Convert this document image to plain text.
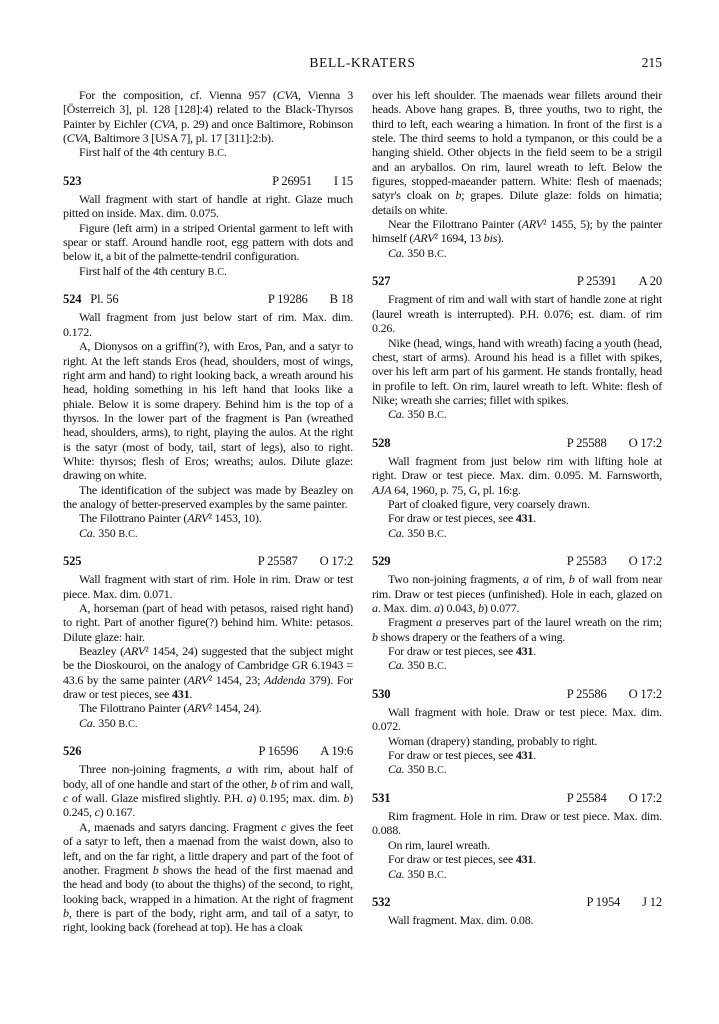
BELL-KRATERS	215

For the composition, cf. Vienna 957 (CVA, Vienna 3 [Österreich 3], pl. 128 [128]:4) related to the Black-Thyrsos Painter by Eichler (CVA, p. 29) and once Baltimore, Robinson (CVA, Baltimore 3 [USA 7], pl. 17 [311]:2:b).

First half of the 4th century B.C.

523	P 26951 I 15

Wall fragment with start of handle at right. Glaze much pitted on inside. Max. dim. 0.075.

Figure (left arm) in a striped Oriental garment to left with spear or staff. Around handle root, egg pattern with dots and below it, a bit of the palmette-tendril configuration.

First half of the 4th century B.C.

524 Pl. 56	P 19286 B 18

Wall fragment from just below start of rim. Max. dim. 0.172.

A, Dionysos on a griffin(?), with Eros, Pan, and a satyr to right. At the left stands Eros (head, shoulders, most of wings, right arm and hand) to right looking back, a wreath around his head, holding something in his left hand that looks like a phiale. Below it is some drapery. Behind him is the top of a thyrsos. In the lower part of the fragment is Pan (wreathed head, shoulders, arms), to right, playing the aulos. At the right is the satyr (most of body, tail, start of legs), also to right. White: thyrsos; flesh of Eros; wreaths; aulos. Dilute glaze: drawing on white.

The identification of the subject was made by Beazley on the analogy of better-preserved examples by the same painter.

The Filottrano Painter (ARV² 1453, 10).

Ca. 350 B.C.

525	P 25587 O 17:2

Wall fragment with start of rim. Hole in rim. Draw or test piece. Max. dim. 0.071.

A, horseman (part of head with petasos, raised right hand) to right. Part of another figure(?) behind him. White: petasos. Dilute glaze: hair.

Beazley (ARV² 1454, 24) suggested that the subject might be the Dioskouroi, on the analogy of Cambridge GR 6.1943 = 43.6 by the same painter (ARV² 1454, 23; Addenda 379). For draw or test pieces, see 431.

The Filottrano Painter (ARV² 1454, 24).

Ca. 350 B.C.

526	P 16596 A 19:6

Three non-joining fragments, a with rim, about half of body, all of one handle and start of the other, b of rim and wall, c of wall. Glaze misfired slightly. P.H. a) 0.195; max. dim. b) 0.245, c) 0.167.

A, maenads and satyrs dancing. Fragment c gives the feet of a satyr to left, then a maenad from the waist down, also to left, and on the far right, a little drapery and part of the foot of another. Fragment b shows the head of the first maenad and the head and body (to about the thighs) of the second, to right, looking back, wrapped in a himation. At the right of fragment b, there is part of the body, right arm, and tail of a satyr, to right, looking back (forehead at top). He has a cloak

over his left shoulder. The maenads wear fillets around their heads. Above hang grapes. B, three youths, two to right, the third to left, each wearing a himation. In front of the first is a stele. The third seems to hold a tympanon, or this could be a hanging shield. Other objects in the field seem to be a strigil and an aryballos. On rim, laurel wreath to left. Below the figures, stopped-maeander pattern. White: flesh of maenads; satyr's cloak on b; grapes. Dilute glaze: folds on himatia; details on white.

Near the Filottrano Painter (ARV² 1455, 5); by the painter himself (ARV² 1694, 13 bis).

Ca. 350 B.C.

527	P 25391 A 20

Fragment of rim and wall with start of handle zone at right (laurel wreath is interrupted). P.H. 0.076; est. diam. of rim 0.26.

Nike (head, wings, hand with wreath) facing a youth (head, chest, start of arms). Around his head is a fillet with spikes, over his left arm part of his garment. He stands frontally, head in profile to left. On rim, laurel wreath to left. White: flesh of Nike; wreath she carries; fillet with spikes.

Ca. 350 B.C.

528	P 25588 O 17:2

Wall fragment from just below rim with lifting hole at right. Draw or test piece. Max. dim. 0.095. M. Farnsworth, AJA 64, 1960, p. 75, G, pl. 16:g.

Part of cloaked figure, very coarsely drawn.

For draw or test pieces, see 431.

Ca. 350 B.C.

529	P 25583 O 17:2

Two non-joining fragments, a of rim, b of wall from near rim. Draw or test pieces (unfinished). Hole in each, glazed on a. Max. dim. a) 0.043, b) 0.077.

Fragment a preserves part of the laurel wreath on the rim; b shows drapery or the feathers of a wing.

For draw or test pieces, see 431.

Ca. 350 B.C.

530	P 25586 O 17:2

Wall fragment with hole. Draw or test piece. Max. dim. 0.072.

Woman (drapery) standing, probably to right.

For draw or test pieces, see 431.

Ca. 350 B.C.

531	P 25584 O 17:2

Rim fragment. Hole in rim. Draw or test piece. Max. dim. 0.088.

On rim, laurel wreath.

For draw or test pieces, see 431.

Ca. 350 B.C.

532	P 1954 J 12

Wall fragment. Max. dim. 0.08.
